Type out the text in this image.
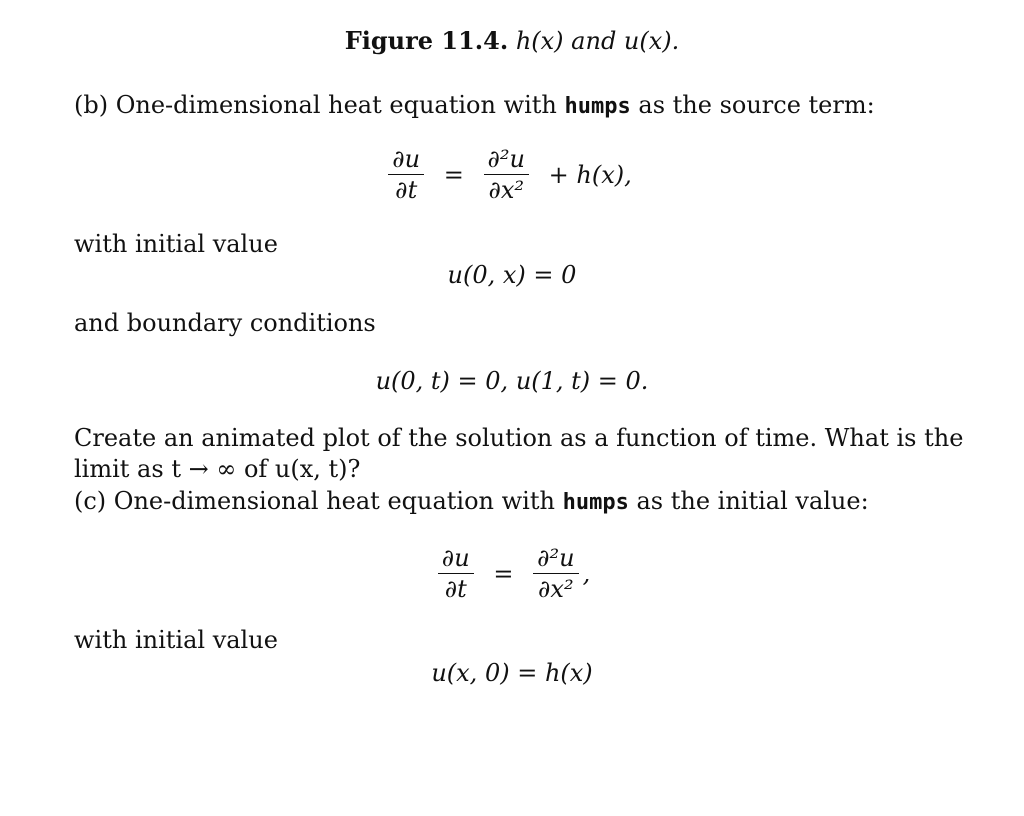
Figure 11.4. h(x) and u(x).
(b) One-dimensional heat equation with humps as the source term:
$\frac{\partial u}{\partial t} = \frac{\text{∂²u}}{\text{∂x²}} + h(x)$,
with initial value
u(0, x) = 0
and boundary conditions
u(0, t) = 0, u(1, t) = 0.
Create an animated plot of the solution as a function of time. What is the
limit as t → ∞ of u(x, t)?
(c) One-dimensional heat equation with humps as the initial value:
$\frac{\partial u}{\partial t} = \frac{\text{∂²u}}{\text{∂x²}}$ ,
with initial value
u(x, 0) = h(x)
